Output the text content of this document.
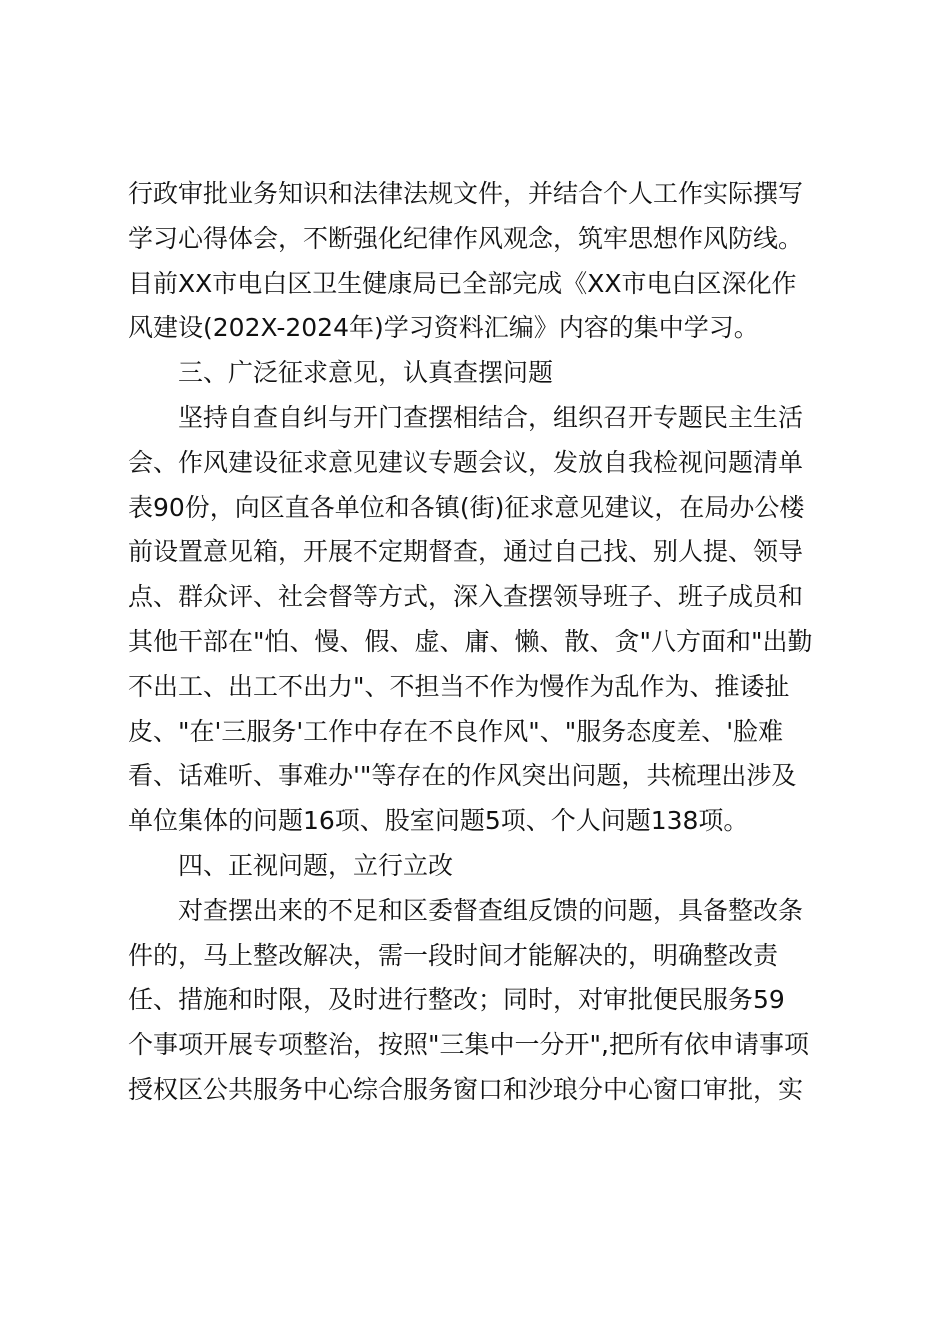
行政审批业务知识和法律法规文件，并结合个人工作实际撰写
学习心得体会，不断强化纪律作风观念，筑牢思想作风防线。
目前XX市电白区卫生健康局已全部完成《XX市电白区深化作
风建设(202X-2024年)学习资料汇编》内容的集中学习。
三、广泛征求意见，认真查摆问题
坚持自查自纠与开门查摆相结合，组织召开专题民主生活
会、作风建设征求意见建议专题会议，发放自我检视问题清单
表90份，向区直各单位和各镇(街)征求意见建议，在局办公楼
前设置意见箱，开展不定期督查，通过自己找、别人提、领导
点、群众评、社会督等方式，深入查摆领导班子、班子成员和
其他干部在"怕、慢、假、虚、庸、懒、散、贪"八方面和"出勤
不出工、出工不出力"、不担当不作为慢作为乱作为、推诿扯
皮、"在'三服务'工作中存在不良作风"、"服务态度差、'脸难
看、话难听、事难办'"等存在的作风突出问题，共梳理出涉及
单位集体的问题16项、股室问题5项、个人问题138项。
四、正视问题，立行立改
对查摆出来的不足和区委督查组反馈的问题，具备整改条
件的，马上整改解决，需一段时间才能解决的，明确整改责
任、措施和时限，及时进行整改；同时，对审批便民服务59
个事项开展专项整治，按照"三集中一分开",把所有依申请事项
授权区公共服务中心综合服务窗口和沙琅分中心窗口审批，实
